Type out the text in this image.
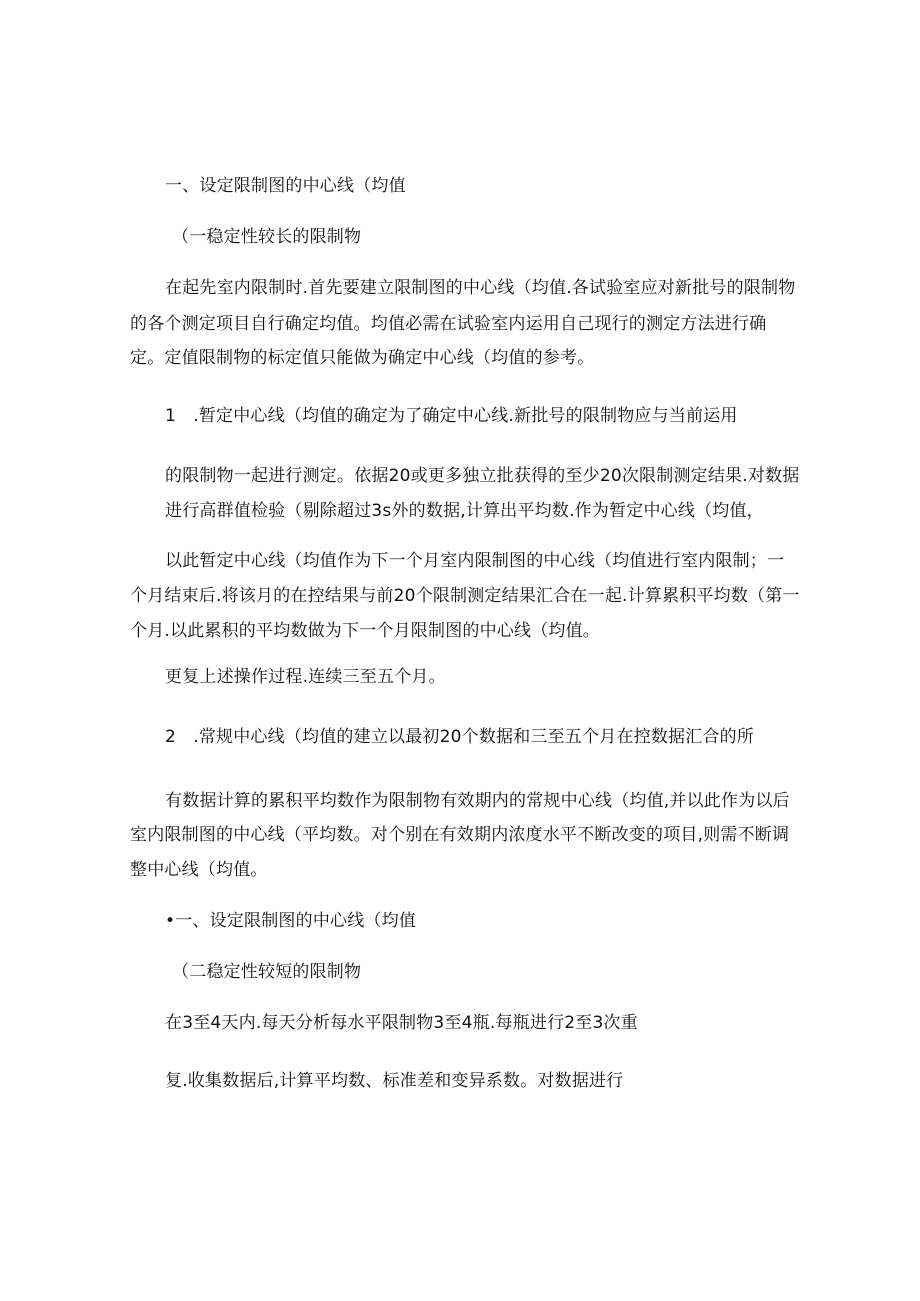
一、设定限制图的中心线（均值
（一稳定性较长的限制物
在起先室内限制时.首先要建立限制图的中心线（均值.各试验室应对新批号的限制物
的各个测定项目自行确定均值。均值必需在试验室内运用自己现行的测定方法进行确
定。定值限制物的标定值只能做为确定中心线（均值的参考。
1　.暂定中心线（均值的确定为了确定中心线.新批号的限制物应与当前运用
的限制物一起进行测定。依据20或更多独立批获得的至少20次限制测定结果.对数据
进行高群值检验（剔除超过3s外的数据,计算出平均数.作为暂定中心线（均值，
以此暂定中心线（均值作为下一个月室内限制图的中心线（均值进行室内限制；一
个月结束后.将该月的在控结果与前20个限制测定结果汇合在一起.计算累积平均数（第一
个月.以此累积的平均数做为下一个月限制图的中心线（均值。
更复上述操作过程.连续三至五个月。
2　.常规中心线（均值的建立以最初20个数据和三至五个月在控数据汇合的所
有数据计算的累积平均数作为限制物有效期内的常规中心线（均值,并以此作为以后
室内限制图的中心线（平均数。对个别在有效期内浓度水平不断改变的项目,则需不断调
整中心线（均值。
•一、设定限制图的中心线（均值
（二稳定性较短的限制物
在3至4天内.每天分析每水平限制物3至4瓶.每瓶进行2至3次重
复.收集数据后,计算平均数、标准差和变异系数。对数据进行
